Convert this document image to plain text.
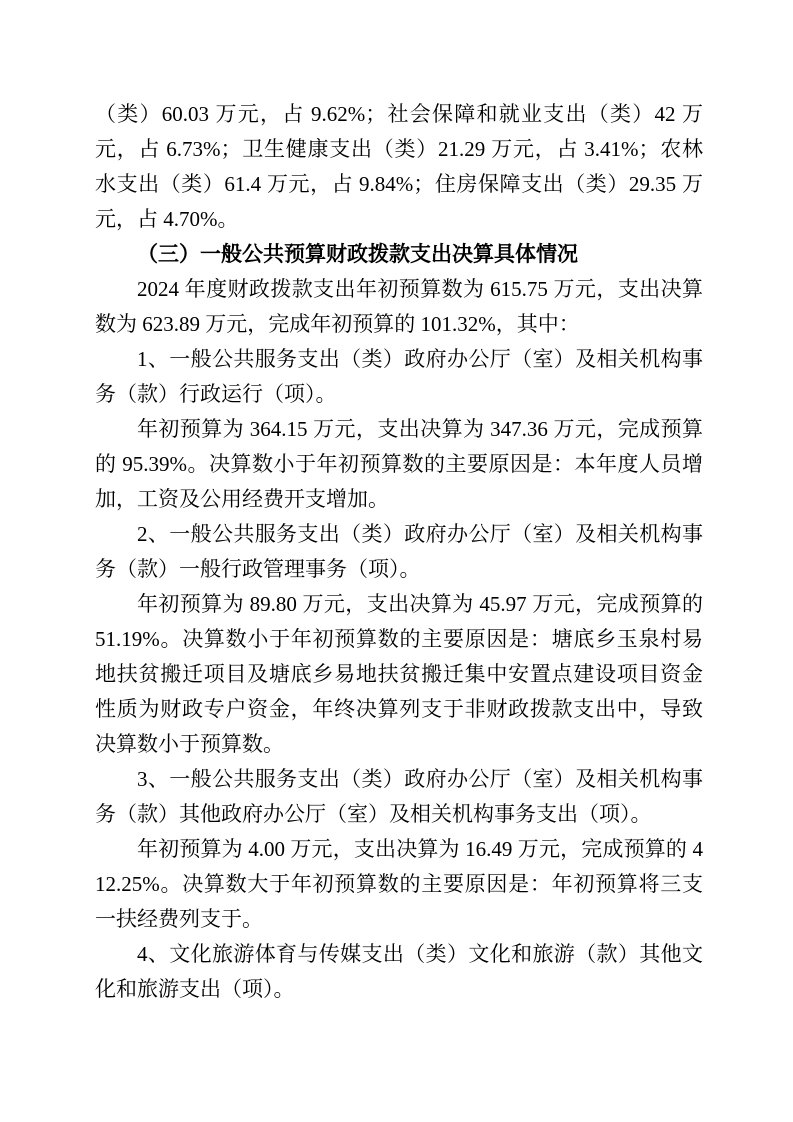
（类）60.03 万元，占 9.62%；社会保障和就业支出（类）42 万元，占 6.73%；卫生健康支出（类）21.29 万元，占 3.41%；农林水支出（类）61.4 万元，占 9.84%；住房保障支出（类）29.35 万元，占 4.70%。

（三）一般公共预算财政拨款支出决算具体情况

2024 年度财政拨款支出年初预算数为 615.75 万元，支出决算数为 623.89 万元，完成年初预算的 101.32%，其中：

1、一般公共服务支出（类）政府办公厅（室）及相关机构事务（款）行政运行（项）。

年初预算为 364.15 万元，支出决算为 347.36 万元，完成预算的 95.39%。决算数小于年初预算数的主要原因是：本年度人员增加，工资及公用经费开支增加。

2、一般公共服务支出（类）政府办公厅（室）及相关机构事务（款）一般行政管理事务（项）。

年初预算为 89.80 万元，支出决算为 45.97 万元，完成预算的 51.19%。决算数小于年初预算数的主要原因是：塘底乡玉泉村易地扶贫搬迁项目及塘底乡易地扶贫搬迁集中安置点建设项目资金性质为财政专户资金，年终决算列支于非财政拨款支出中，导致决算数小于预算数。

3、一般公共服务支出（类）政府办公厅（室）及相关机构事务（款）其他政府办公厅（室）及相关机构事务支出（项）。

年初预算为 4.00 万元，支出决算为 16.49 万元，完成预算的 412.25%。决算数大于年初预算数的主要原因是：年初预算将三支一扶经费列支于。

4、文化旅游体育与传媒支出（类）文化和旅游（款）其他文化和旅游支出（项）。
